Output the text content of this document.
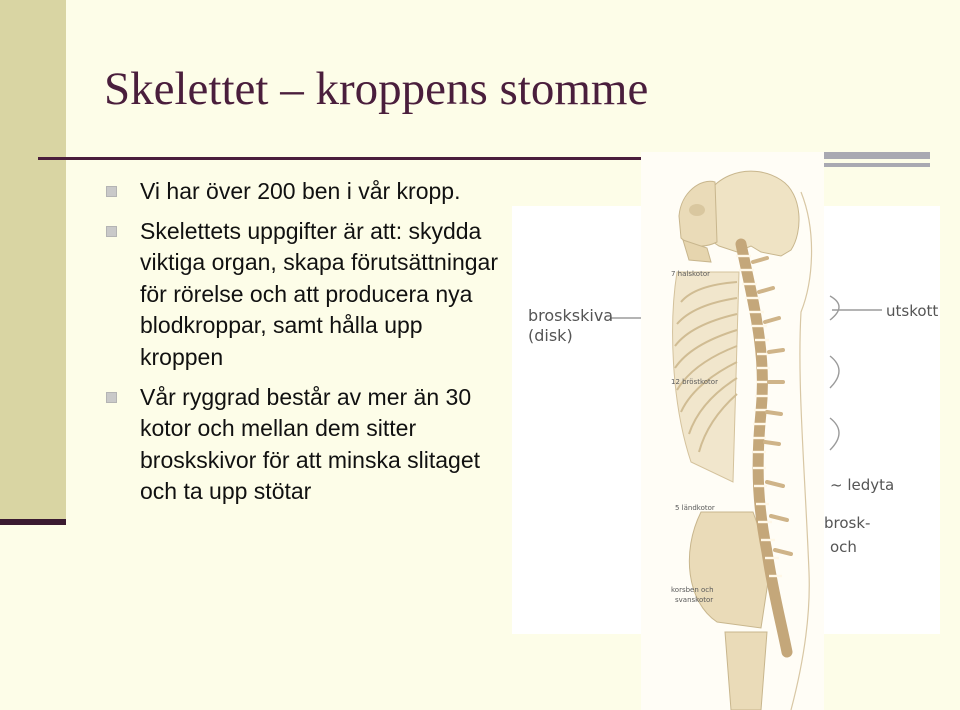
Skelettet – kroppens stomme
Vi har över 200 ben i vår kropp.
Skelettets uppgifter är att: skydda viktiga organ, skapa förutsättningar för rörelse och att producera nya blodkroppar, samt hålla upp kroppen
Vår ryggrad består av mer än 30 kotor och mellan dem sitter broskskivor för att minska slitaget och ta upp stötar
broskskiva
(disk)
utskott
~ ledyta
brosk-
och
7 halskotor
12 bröstkotor
5 ländkotor
korsben och
svanskotor
